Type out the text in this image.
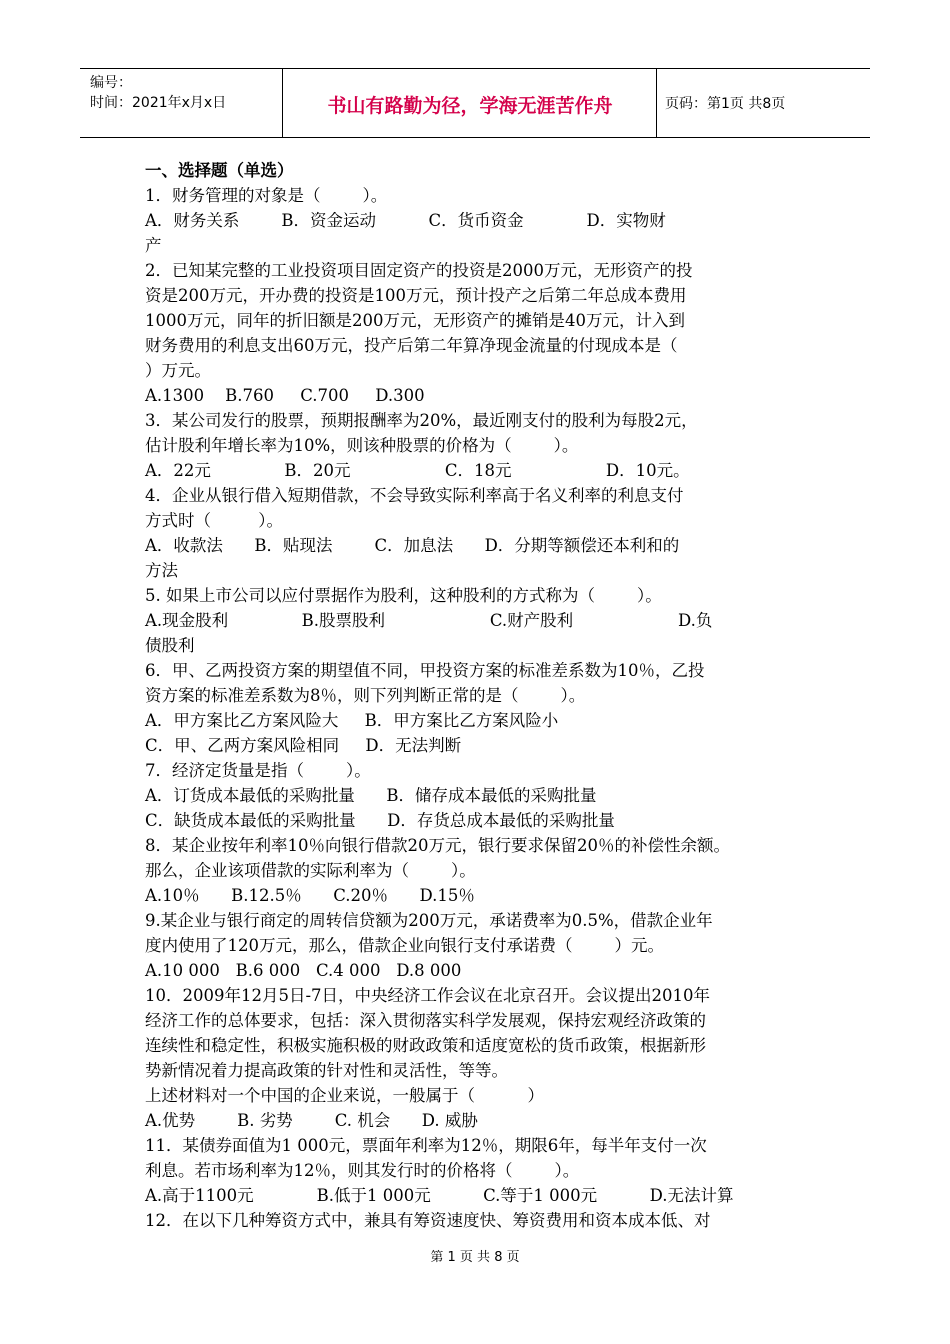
编号：
时间：2021年x月x日	书山有路勤为径，学海无涯苦作舟	页码：第1页 共8页
一、选择题（单选）
1．财务管理的对象是（        ）。
A．财务关系        B．资金运动          C．货币资金            D．实物财
产
2．已知某完整的工业投资项目固定资产的投资是2000万元，无形资产的投
资是200万元，开办费的投资是100万元，预计投产之后第二年总成本费用
1000万元，同年的折旧额是200万元，无形资产的摊销是40万元，计入到
财务费用的利息支出60万元，投产后第二年算净现金流量的付现成本是（
）万元。
A.1300    B.760     C.700     D.300
3．某公司发行的股票，预期报酬率为20%，最近刚支付的股利为每股2元，
估计股利年增长率为10%，则该种股票的价格为（        ）。
A．22元              B．20元                  C．18元                  D．10元。
4．企业从银行借入短期借款，不会导致实际利率高于名义利率的利息支付
方式时（         ）。
A．收款法      B．贴现法        C．加息法      D．分期等额偿还本利和的
方法
5. 如果上市公司以应付票据作为股利，这种股利的方式称为（        ）。
A.现金股利              B.股票股利                    C.财产股利                    D.负
债股利
6．甲、乙两投资方案的期望值不同，甲投资方案的标准差系数为10％，乙投
资方案的标准差系数为8％，则下列判断正常的是（        ）。
A．甲方案比乙方案风险大     B．甲方案比乙方案风险小
C．甲、乙两方案风险相同     D．无法判断
7．经济定货量是指（        ）。
A．订货成本最低的采购批量      B．储存成本最低的采购批量
C．缺货成本最低的采购批量      D．存货总成本最低的采购批量
8．某企业按年利率10％向银行借款20万元，银行要求保留20％的补偿性余额。
那么，企业该项借款的实际利率为（        ）。
A.10％      B.12.5％      C.20％      D.15％
9.某企业与银行商定的周转信贷额为200万元，承诺费率为0.5%，借款企业年
度内使用了120万元，那么，借款企业向银行支付承诺费（        ）元。
A.10 000   B.6 000   C.4 000   D.8 000
10．2009年12月5日-7日，中央经济工作会议在北京召开。会议提出2010年
经济工作的总体要求，包括：深入贯彻落实科学发展观，保持宏观经济政策的
连续性和稳定性，积极实施积极的财政政策和适度宽松的货币政策，根据新形
势新情况着力提高政策的针对性和灵活性，等等。
上述材料对一个中国的企业来说，一般属于（          ）
A.优势        B. 劣势        C. 机会      D. 威胁
11．某债券面值为1 000元，票面年利率为12％，期限6年，每半年支付一次
利息。若市场利率为12％，则其发行时的价格将（        ）。
A.高于1100元            B.低于1 000元          C.等于1 000元          D.无法计算
12．在以下几种筹资方式中，兼具有筹资速度快、筹资费用和资本成本低、对
第 1 页 共 8 页
